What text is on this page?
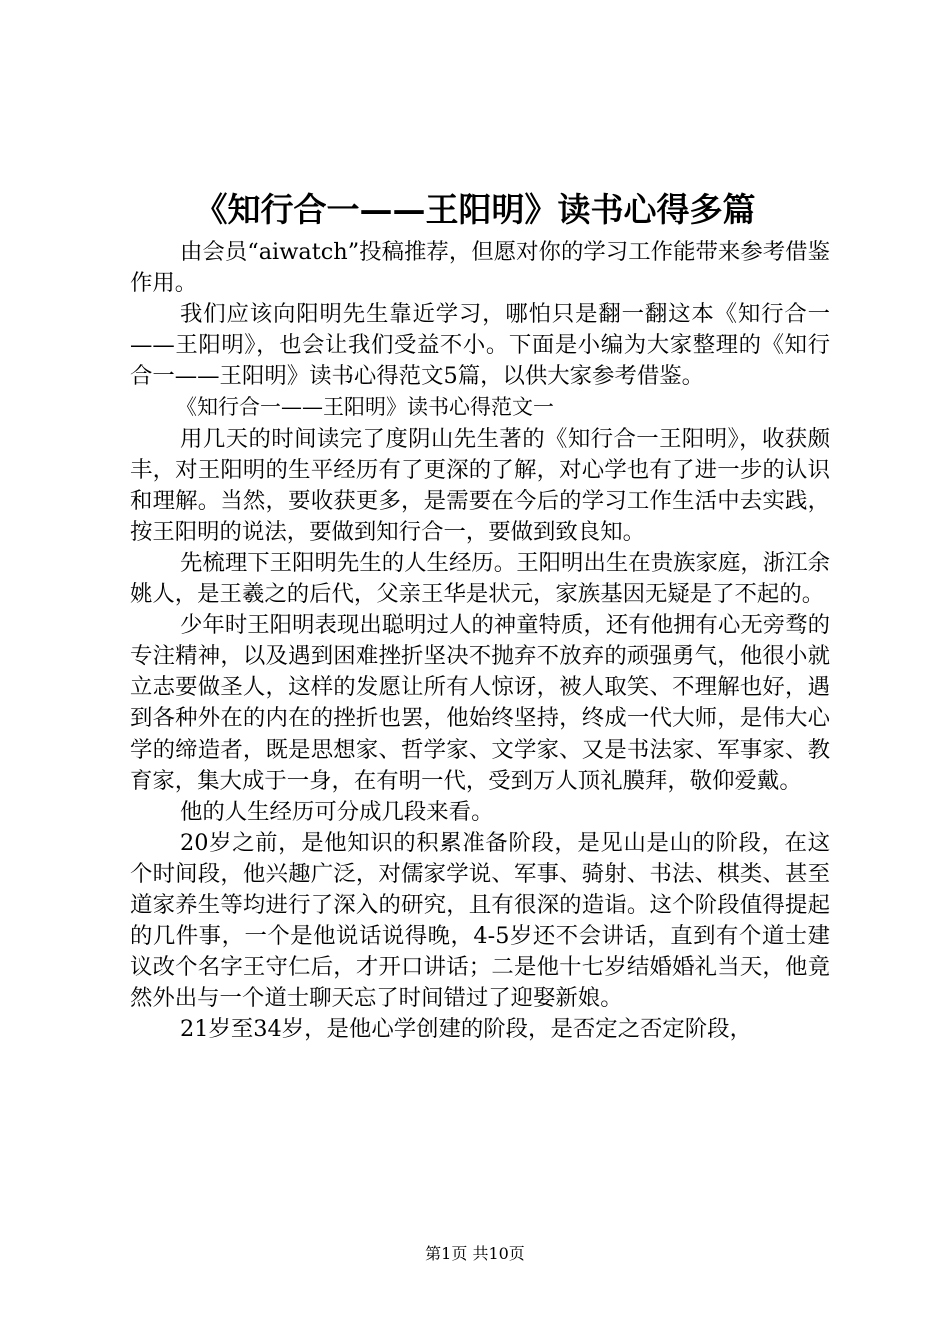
《知行合一——王阳明》读书心得多篇

由会员“aiwatch”投稿推荐，但愿对你的学习工作能带来参考借鉴作用。

我们应该向阳明先生靠近学习，哪怕只是翻一翻这本《知行合一——王阳明》，也会让我们受益不小。下面是小编为大家整理的《知行合一——王阳明》读书心得范文5篇，以供大家参考借鉴。

《知行合一——王阳明》读书心得范文一

用几天的时间读完了度阴山先生著的《知行合一王阳明》，收获颇丰，对王阳明的生平经历有了更深的了解，对心学也有了进一步的认识和理解。当然，要收获更多，是需要在今后的学习工作生活中去实践，按王阳明的说法，要做到知行合一，要做到致良知。

先梳理下王阳明先生的人生经历。王阳明出生在贵族家庭，浙江余姚人，是王羲之的后代，父亲王华是状元，家族基因无疑是了不起的。

少年时王阳明表现出聪明过人的神童特质，还有他拥有心无旁骛的专注精神，以及遇到困难挫折坚决不抛弃不放弃的顽强勇气，他很小就立志要做圣人，这样的发愿让所有人惊讶，被人取笑、不理解也好，遇到各种外在的内在的挫折也罢，他始终坚持，终成一代大师，是伟大心学的缔造者，既是思想家、哲学家、文学家、又是书法家、军事家、教育家，集大成于一身，在有明一代，受到万人顶礼膜拜，敬仰爱戴。

他的人生经历可分成几段来看。

20岁之前，是他知识的积累准备阶段，是见山是山的阶段，在这个时间段，他兴趣广泛，对儒家学说、军事、骑射、书法、棋类、甚至道家养生等均进行了深入的研究，且有很深的造诣。这个阶段值得提起的几件事，一个是他说话说得晚，4-5岁还不会讲话，直到有个道士建议改个名字王守仁后，才开口讲话；二是他十七岁结婚婚礼当天，他竟然外出与一个道士聊天忘了时间错过了迎娶新娘。

21岁至34岁，是他心学创建的阶段，是否定之否定阶段，

第1页 共10页
